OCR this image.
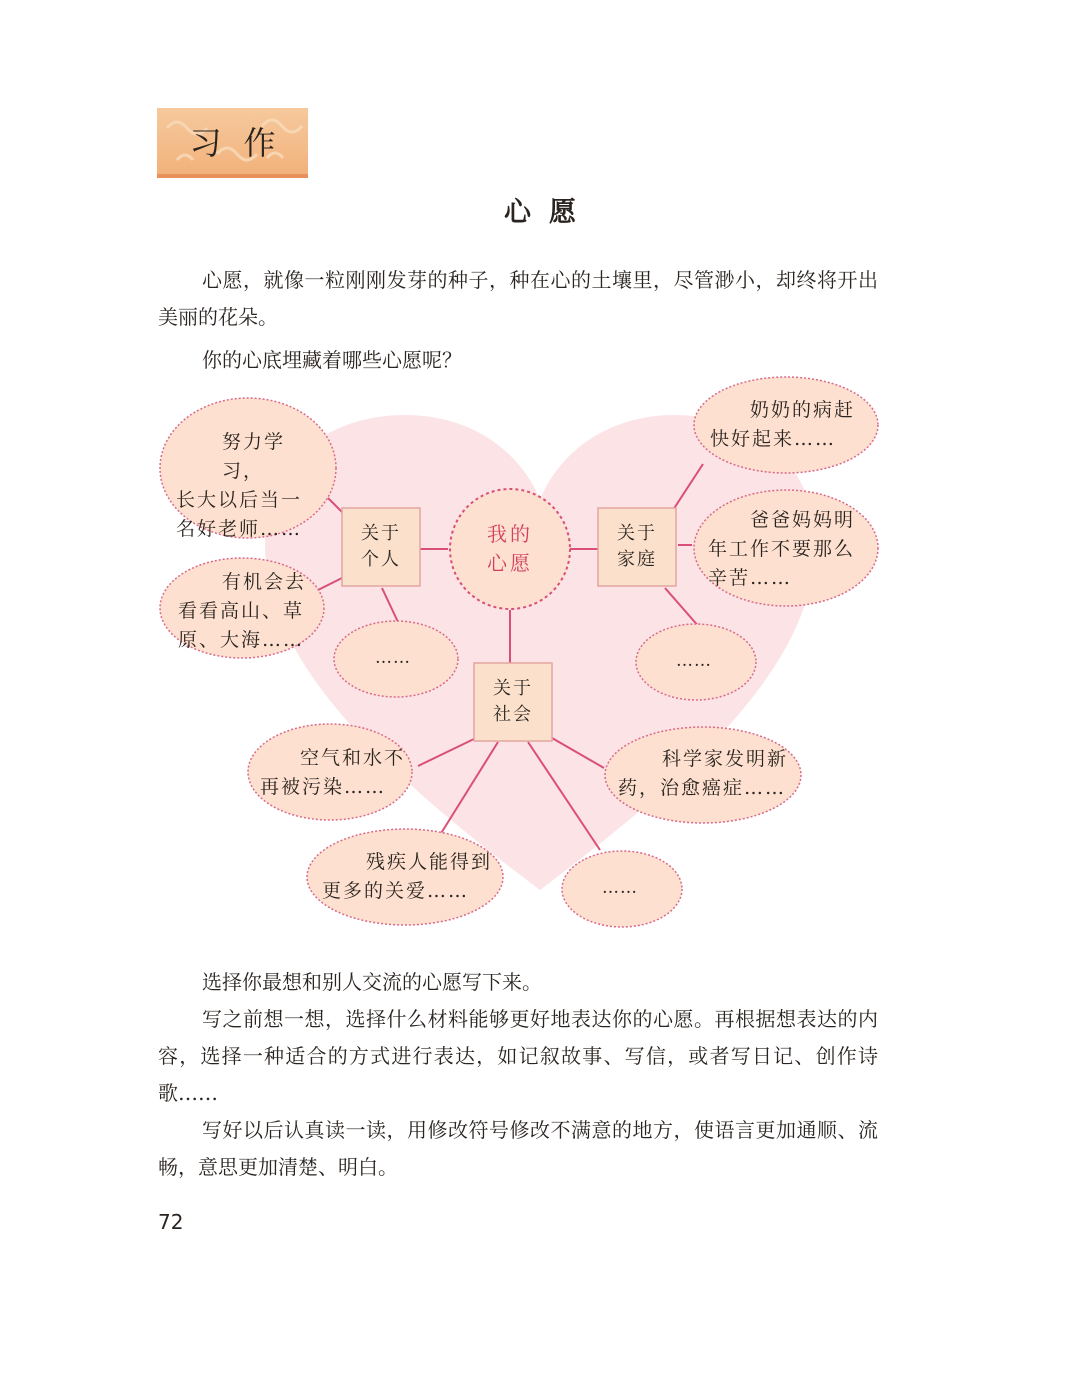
习作
心愿

心愿，就像一粒刚刚发芽的种子，种在心的土壤里，尽管渺小，却终将开出美丽的花朵。

你的心底埋藏着哪些心愿呢？

我的
心愿
关于
个人
关于
家庭
关于
社会
努力学习，
长大以后当一
名好老师……
有机会去
看看高山、草
原、大海……
……
奶奶的病赶
快好起来……
爸爸妈妈明
年工作不要那么
辛苦……
……
空气和水不
再被污染……
科学家发明新
药，治愈癌症……
残疾人能得到
更多的关爱……	……

选择你最想和别人交流的心愿写下来。

写之前想一想，选择什么材料能够更好地表达你的心愿。再根据想表达的内容，选择一种适合的方式进行表达，如记叙故事、写信，或者写日记、创作诗歌……

写好以后认真读一读，用修改符号修改不满意的地方，使语言更加通顺、流畅，意思更加清楚、明白。

72
